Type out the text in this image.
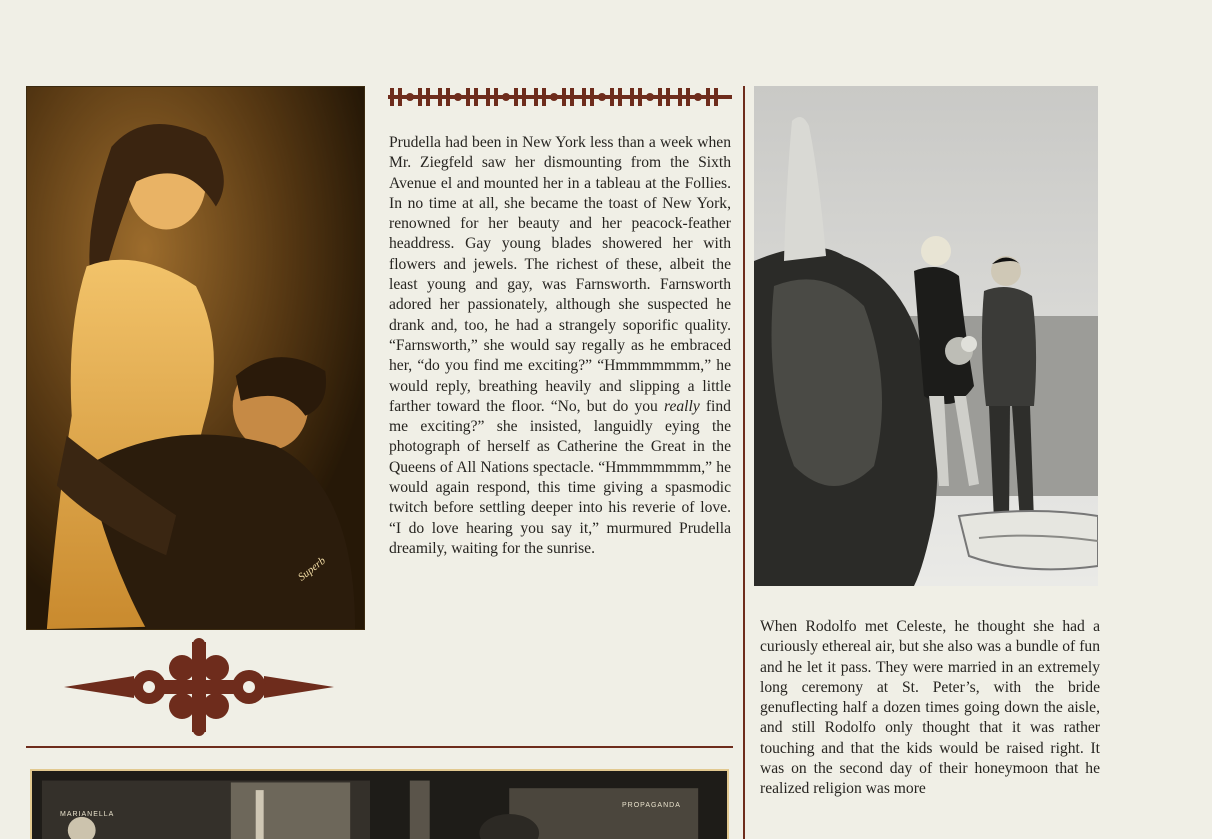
Superb

Prudella had been in New York less than a week when Mr. Ziegfeld saw her dismounting from the Sixth Avenue el and mounted her in a tableau at the Follies. In no time at all, she became the toast of New York, renowned for her beauty and her peacock-feather headdress. Gay young blades showered her with flowers and jewels. The richest of these, albeit the least young and gay, was Farnsworth. Farnsworth adored her passionately, although she suspected he drank and, too, he had a strangely soporific quality. “Farnsworth,” she would say regally as he embraced her, “do you find me exciting?” “Hmmmmmmm,” he would reply, breathing heavily and slipping a little farther toward the floor. “No, but do you really find me exciting?” she insisted, languidly eying the photograph of herself as Catherine the Great in the Queens of All Nations spectacle. “Hmmmmmmm,” he would again respond, this time giving a spasmodic twitch before settling deeper into his reverie of love. “I do love hearing you say it,” murmured Prudella dreamily, waiting for the sunrise.

When Rodolfo met Celeste, he thought she had a curiously ethereal air, but she also was a bundle of fun and he let it pass. They were married in an extremely long ceremony at St. Peter’s, with the bride genuflecting half a dozen times going down the aisle, and still Rodolfo only thought that it was rather touching and that the kids would be raised right. It was on the second day of their honeymoon that he realized religion was more

MARIANELLA
PROPAGANDA
